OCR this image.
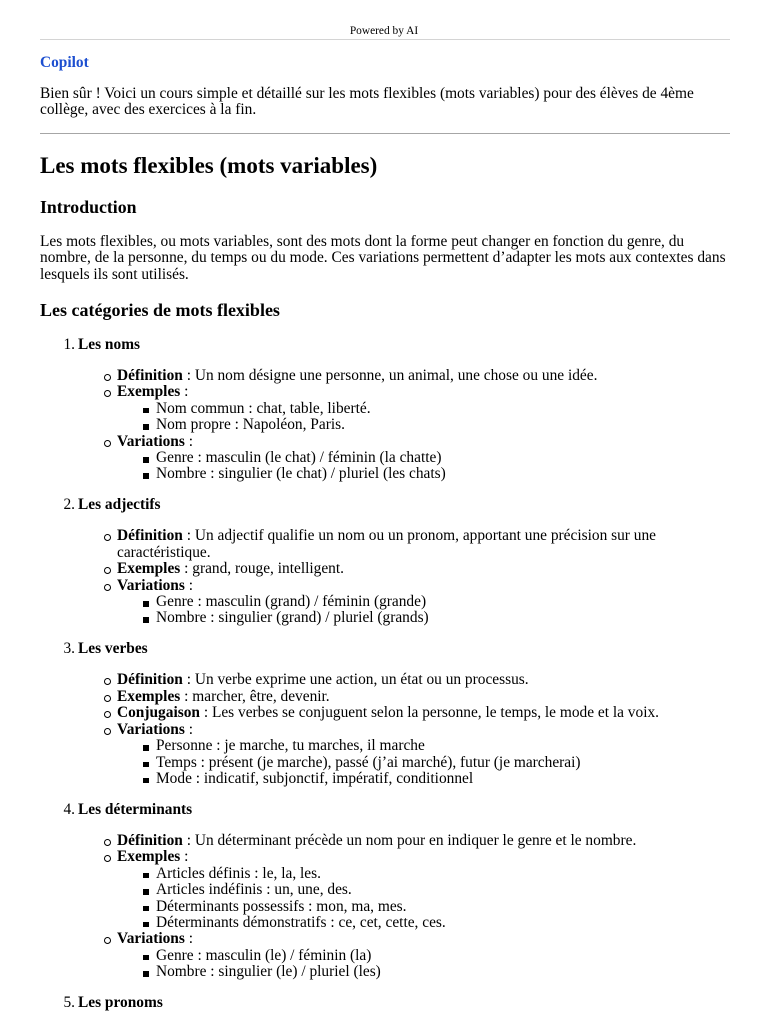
Powered by AI
Copilot
Bien sûr ! Voici un cours simple et détaillé sur les mots flexibles (mots variables) pour des élèves de 4ème
collège, avec des exercices à la fin.
Les mots flexibles (mots variables)
Introduction
Les mots flexibles, ou mots variables, sont des mots dont la forme peut changer en fonction du genre, du
nombre, de la personne, du temps ou du mode. Ces variations permettent d’adapter les mots aux contextes dans
lesquels ils sont utilisés.
Les catégories de mots flexibles
1. Les noms
Définition : Un nom désigne une personne, un animal, une chose ou une idée.
Exemples :
Nom commun : chat, table, liberté.
Nom propre : Napoléon, Paris.
Variations :
Genre : masculin (le chat) / féminin (la chatte)
Nombre : singulier (le chat) / pluriel (les chats)
2. Les adjectifs
Définition : Un adjectif qualifie un nom ou un pronom, apportant une précision sur une caractéristique.
Exemples : grand, rouge, intelligent.
Variations :
Genre : masculin (grand) / féminin (grande)
Nombre : singulier (grand) / pluriel (grands)
3. Les verbes
Définition : Un verbe exprime une action, un état ou un processus.
Exemples : marcher, être, devenir.
Conjugaison : Les verbes se conjuguent selon la personne, le temps, le mode et la voix.
Variations :
Personne : je marche, tu marches, il marche
Temps : présent (je marche), passé (j’ai marché), futur (je marcherai)
Mode : indicatif, subjonctif, impératif, conditionnel
4. Les déterminants
Définition : Un déterminant précède un nom pour en indiquer le genre et le nombre.
Exemples :
Articles définis : le, la, les.
Articles indéfinis : un, une, des.
Déterminants possessifs : mon, ma, mes.
Déterminants démonstratifs : ce, cet, cette, ces.
Variations :
Genre : masculin (le) / féminin (la)
Nombre : singulier (le) / pluriel (les)
5. Les pronoms
